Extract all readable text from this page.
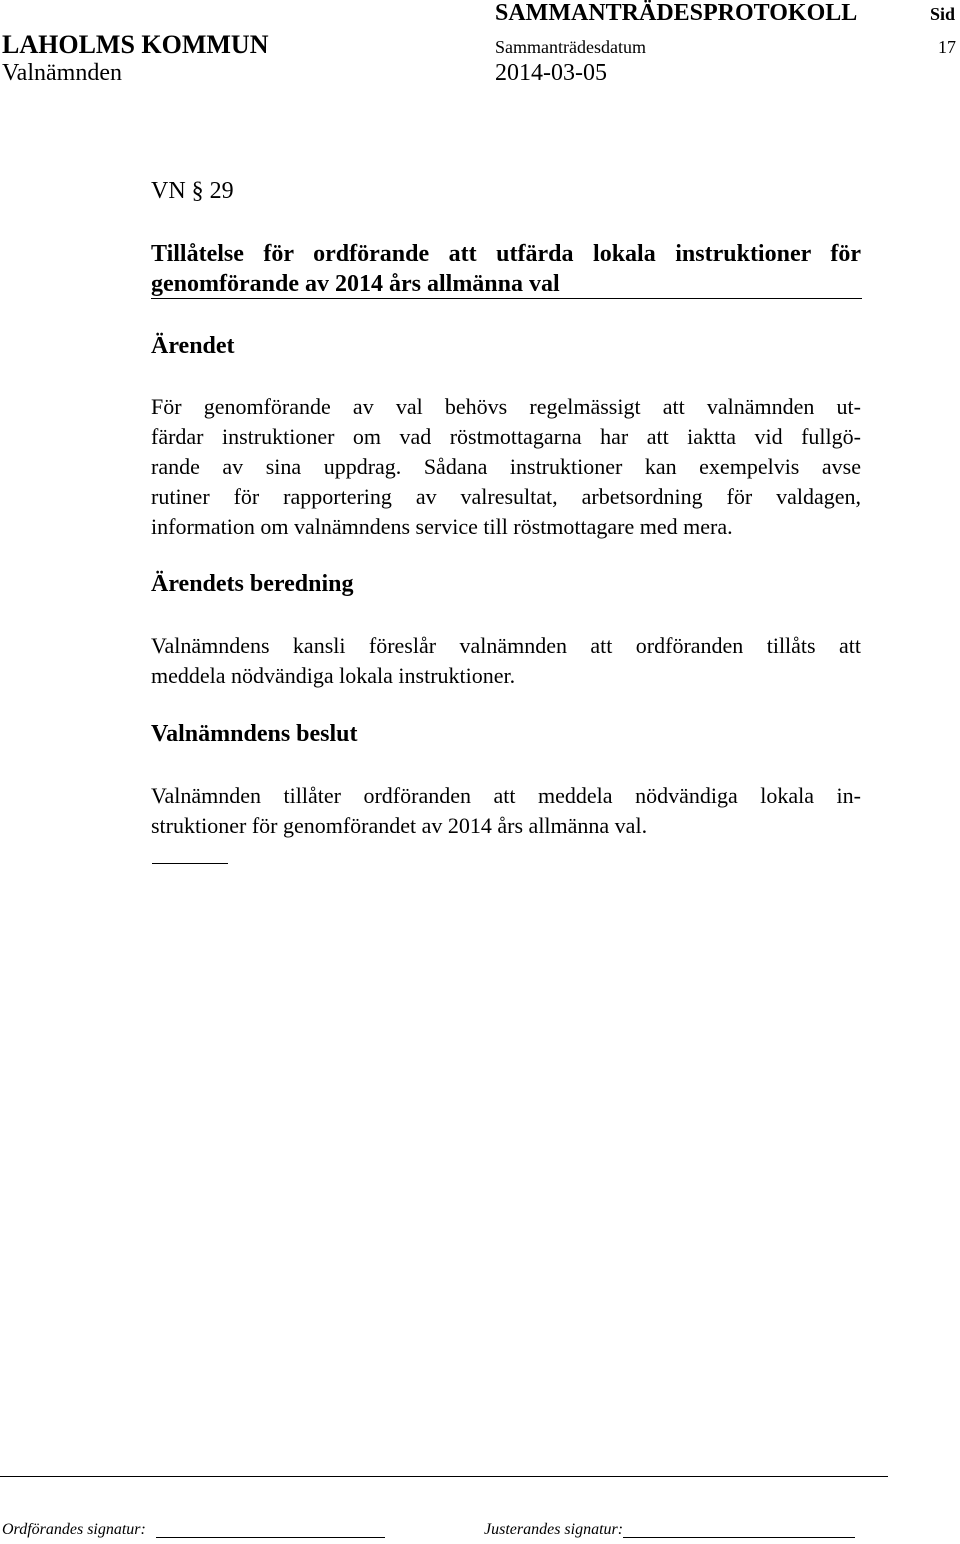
SAMMANTRÄDESPROTOKOLL	Sid
LAHOLMS KOMMUN	Sammanträdesdatum	17
Valnämnden	2014-03-05
VN § 29
Tillåtelse för ordförande att utfärda lokala instruktioner för
genomförande av 2014 års allmänna val
Ärendet
För genomförande av val behövs regelmässigt att valnämnden ut-
färdar instruktioner om vad röstmottagarna har att iaktta vid fullgö-
rande av sina uppdrag. Sådana instruktioner kan exempelvis avse
rutiner för rapportering av valresultat, arbetsordning för valdagen,
information om valnämndens service till röstmottagare med mera.
Ärendets beredning
Valnämndens kansli föreslår valnämnden att ordföranden tillåts att
meddela nödvändiga lokala instruktioner.
Valnämndens beslut
Valnämnden tillåter ordföranden att meddela nödvändiga lokala in-
struktioner för genomförandet av 2014 års allmänna val.
Ordförandes signatur:	Justerandes signatur:
